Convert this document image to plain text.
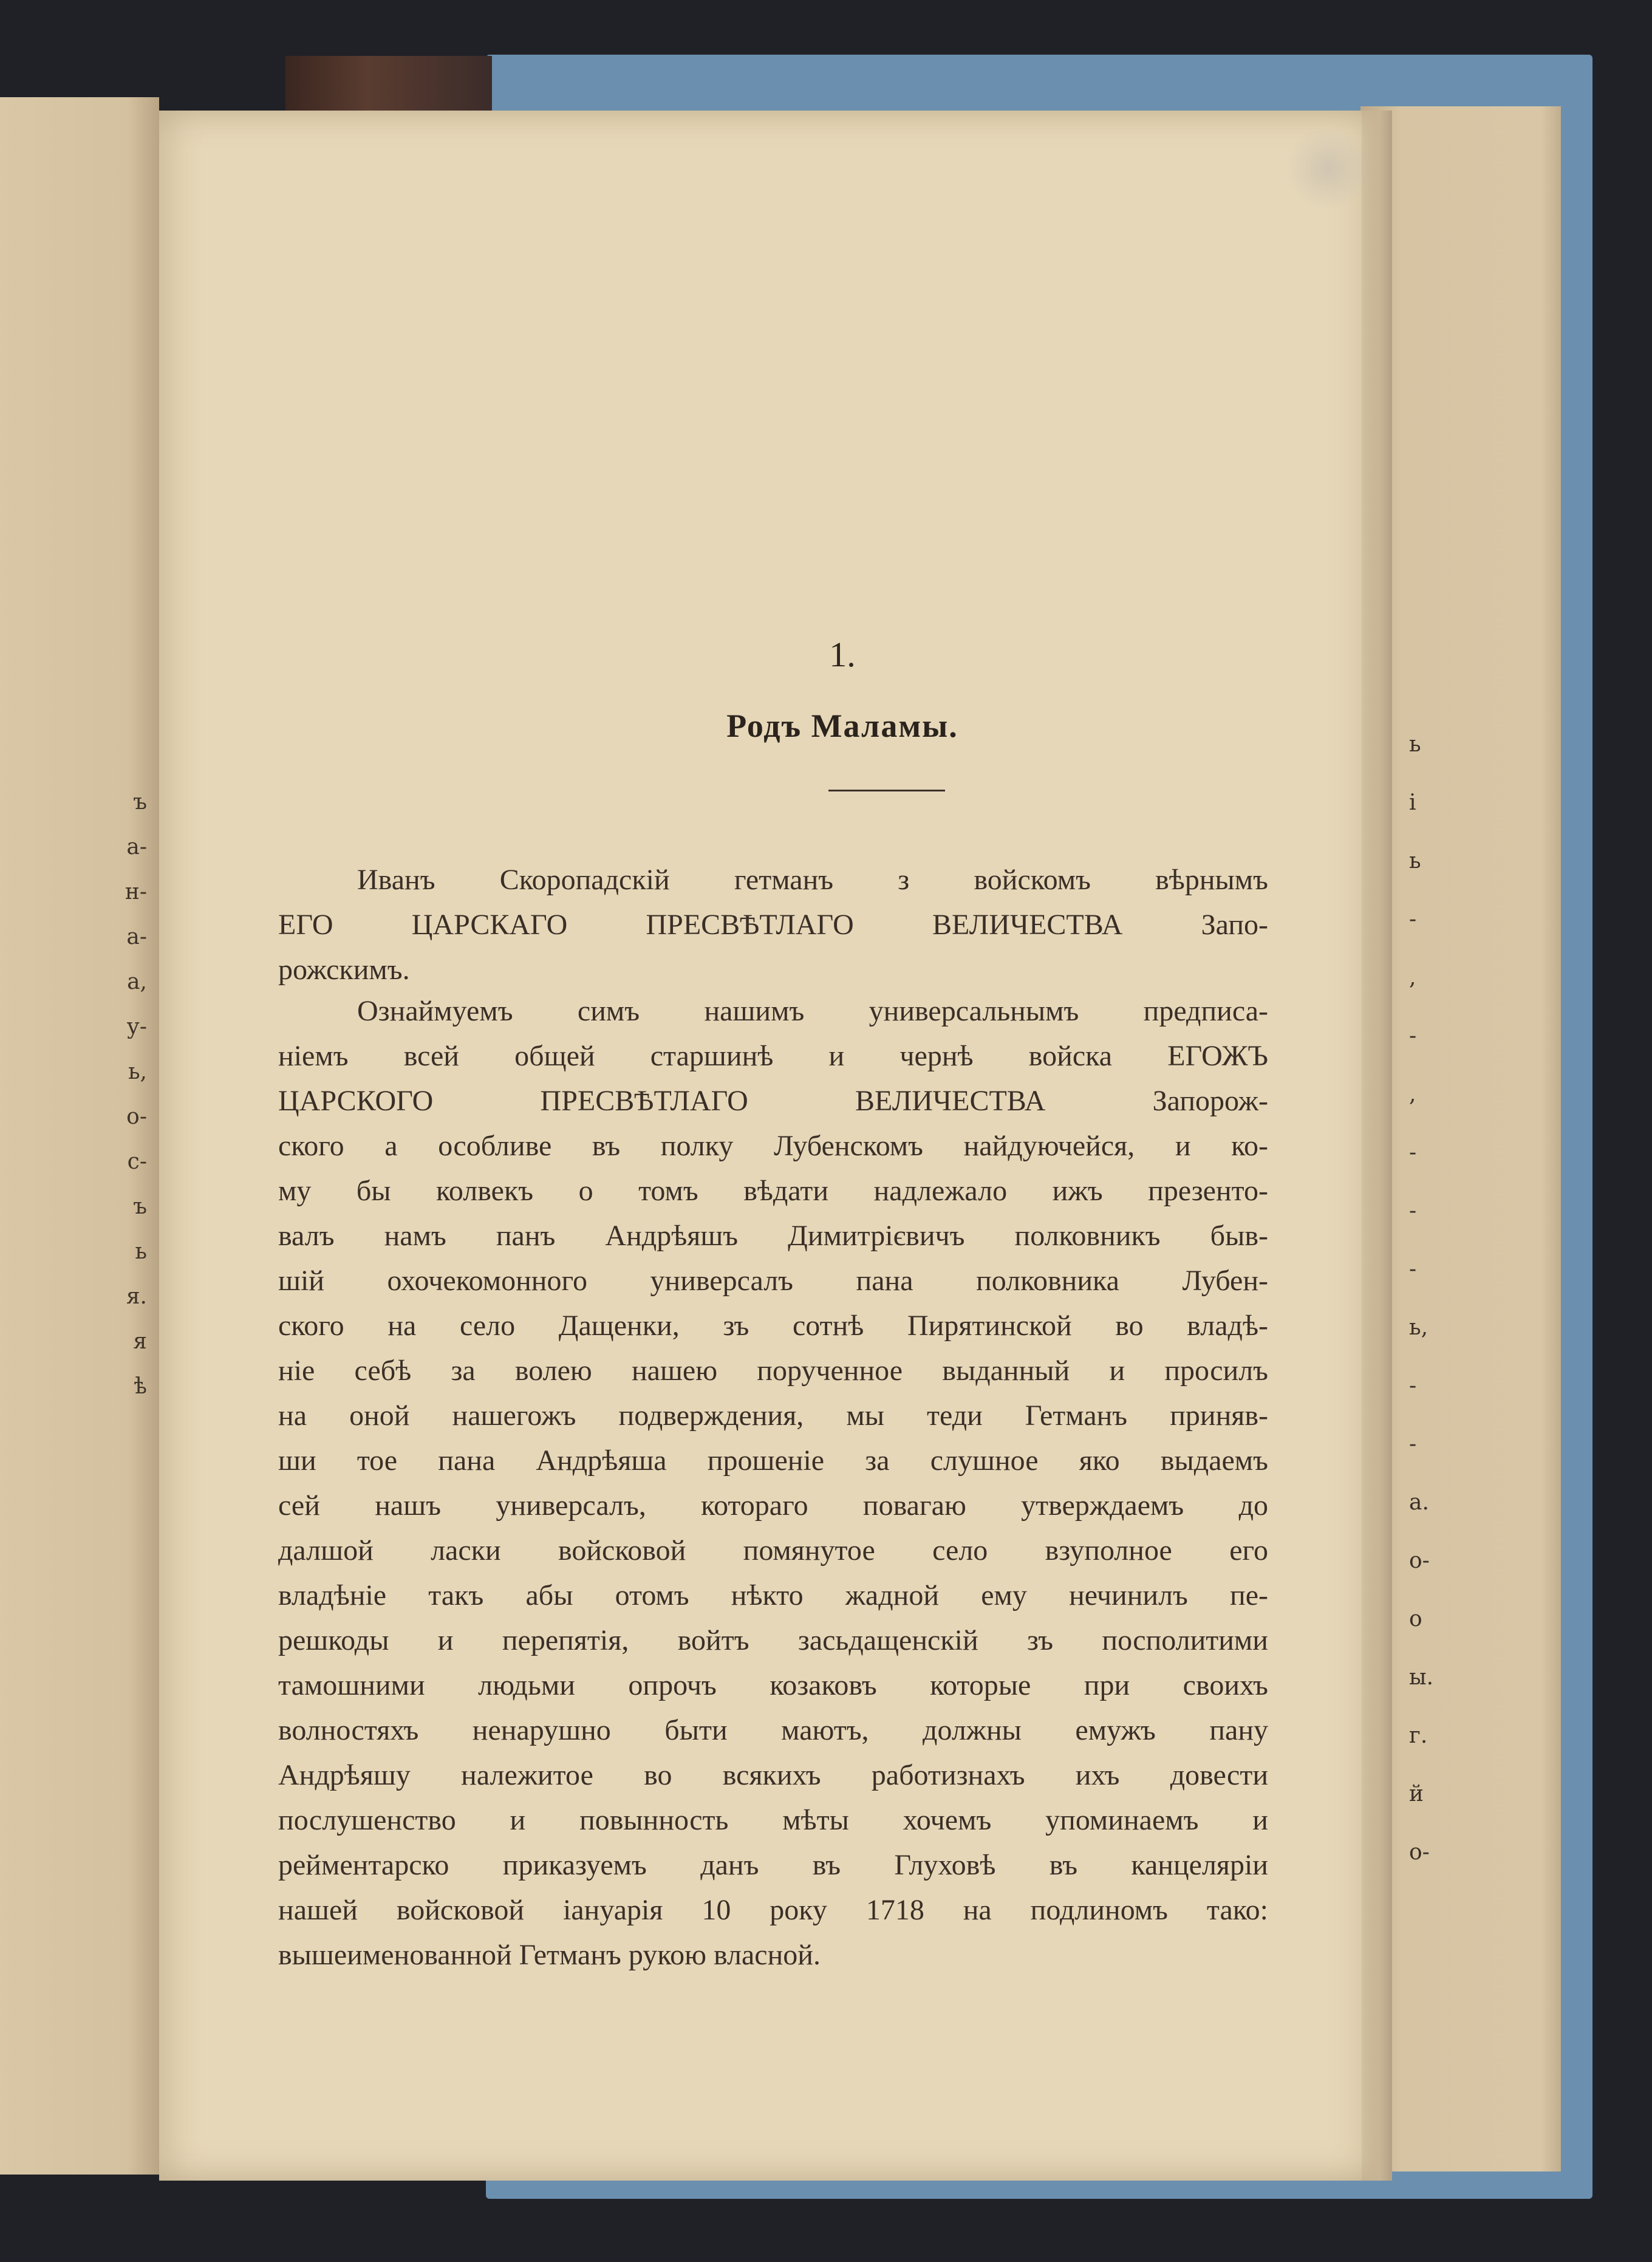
ъ
а-
н-
а-
а,
у-
ь,
о-
с-
ъ
ь
я.
я
ѣ
ь
і
ь
-
,
-
,
-
-
-
ь,
-
-
а.
о-
о
ы.
г.
й
о-
1.
Родъ Маламы.
Иванъ Скоропадскій гетманъ з войскомъ вѣрнымъ
ЕГО ЦАРСКАГО ПРЕСВѢТЛАГО ВЕЛИЧЕСТВА Запо-
рожскимъ.
Ознаймуемъ симъ нашимъ универсальнымъ предписа-
ніемъ всей общей старшинѣ и чернѣ войска ЕГОЖЪ
ЦАРСКОГО ПРЕСВѢТЛАГО ВЕЛИЧЕСТВА Запорож-
ского а особливе въ полку Лубенскомъ найдуючейся, и ко-
му бы колвекъ о томъ вѣдати надлежало ижъ презенто-
валъ намъ панъ Андрѣяшъ Димитрієвичъ полковникъ быв-
шій охочекомонного универсалъ пана полковника Лубен-
ского на село Дащенки, зъ сотнѣ Пирятинской во владѣ-
ніе себѣ за волею нашею порученное выданный и просилъ
на оной нашегожъ подверждения, мы теди Гетманъ приняв-
ши тое пана Андрѣяша прошеніе за слушное яко выдаемъ
сей нашъ универсалъ, котораго повагаю утверждаемъ до
далшой ласки войсковой помянутое село взуполное его
владѣніе такъ абы отомъ нѣкто жадной ему нечинилъ пе-
решкоды и перепятія, войтъ засьдащенскій зъ посполитими
тамошними людьми опрочъ козаковъ которые при своихъ
волностяхъ ненарушно быти маютъ, должны емужъ пану
Андрѣяшу належитое во всякихъ работизнахъ ихъ довести
послушенство и повынность мѣты хочемъ упоминаемъ и
рейментарско приказуемъ данъ въ Глуховѣ въ канцеляріи
нашей войсковой іануарія 10 року 1718 на подлиномъ тако:
вышеименованной Гетманъ рукою власной.
